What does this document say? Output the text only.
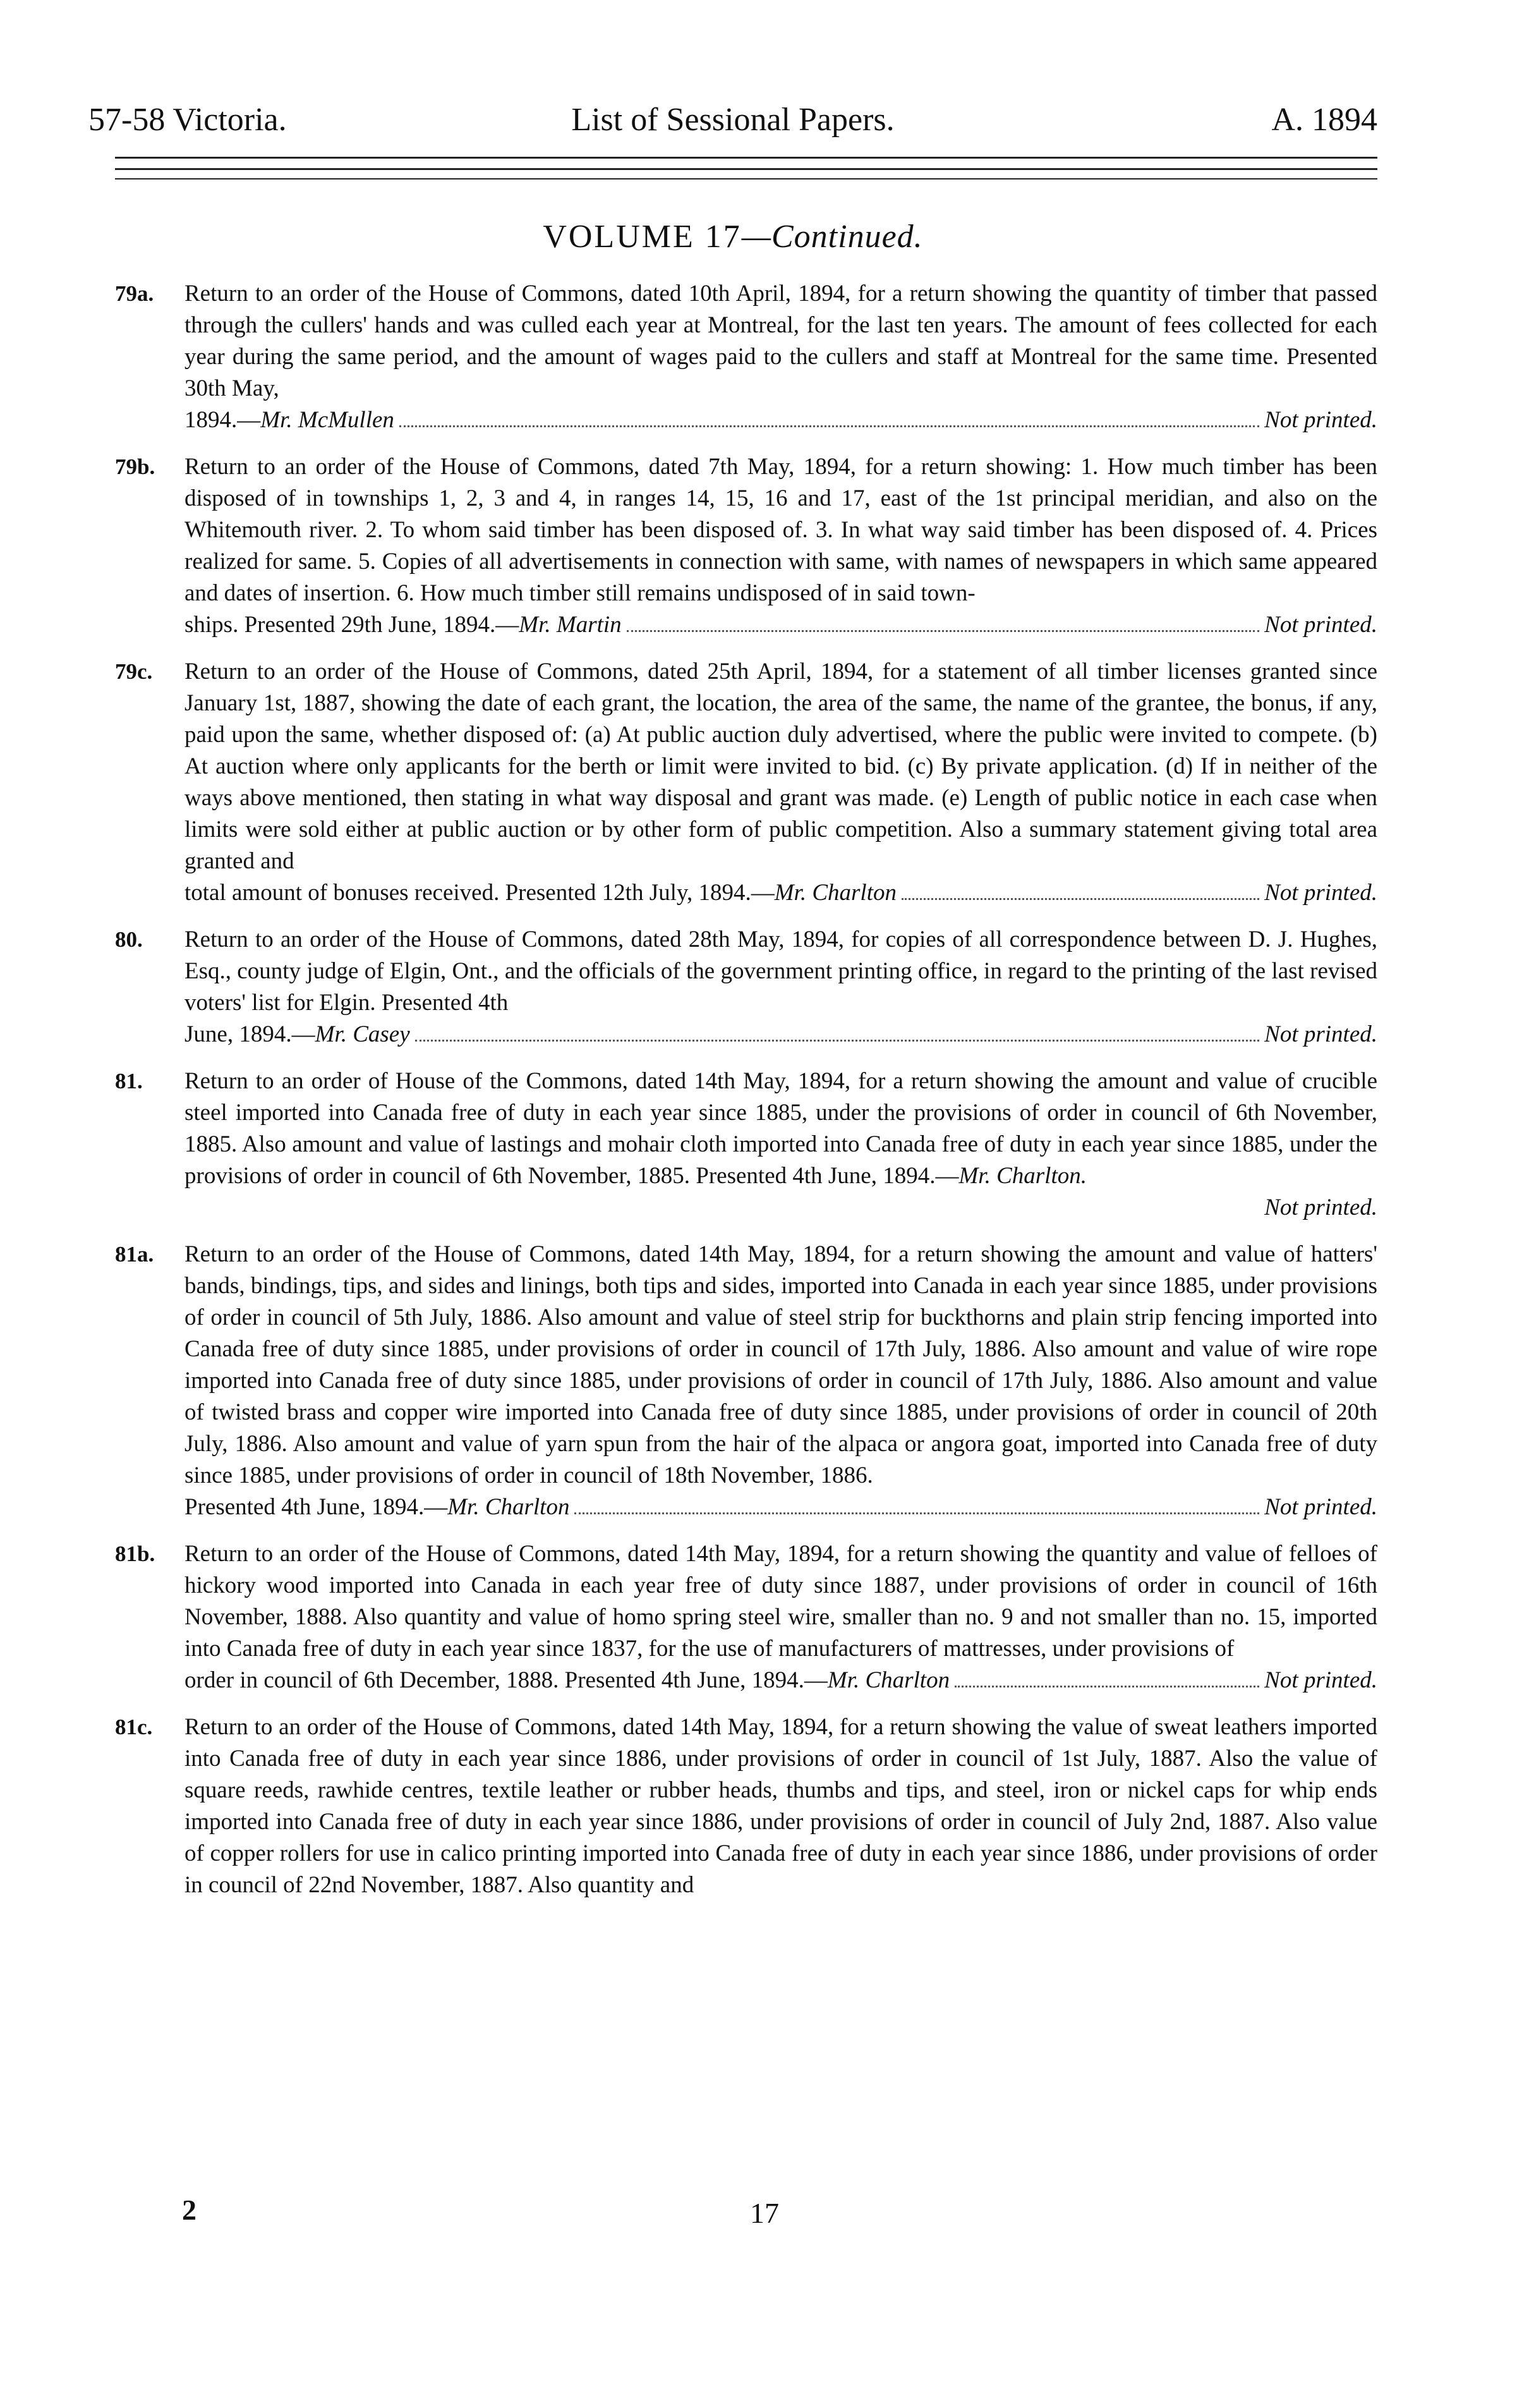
57-58 Victoria.	List of Sessional Papers.	A. 1894
VOLUME 17—Continued.
79a. Return to an order of the House of Commons, dated 10th April, 1894, for a return showing the quantity of timber that passed through the cullers' hands and was culled each year at Montreal, for the last ten years. The amount of fees collected for each year during the same period, and the amount of wages paid to the cullers and staff at Montreal for the same time. Presented 30th May,
1894.— Mr. McMullen	Not printed.
79b. Return to an order of the House of Commons, dated 7th May, 1894, for a return showing: 1. How much timber has been disposed of in townships 1, 2, 3 and 4, in ranges 14, 15, 16 and 17, east of the 1st principal meridian, and also on the Whitemouth river. 2. To whom said timber has been disposed of. 3. In what way said timber has been disposed of. 4. Prices realized for same. 5. Copies of all advertisements in connection with same, with names of newspapers in which same appeared and dates of insertion. 6. How much timber still remains undisposed of in said town-
ships. Presented 29th June, 1894.— Mr. Martin	Not printed.
79c. Return to an order of the House of Commons, dated 25th April, 1894, for a statement of all timber licenses granted since January 1st, 1887, showing the date of each grant, the location, the area of the same, the name of the grantee, the bonus, if any, paid upon the same, whether disposed of: (a) At public auction duly advertised, where the public were invited to compete. (b) At auction where only applicants for the berth or limit were invited to bid. (c) By private application. (d) If in neither of the ways above mentioned, then stating in what way disposal and grant was made. (e) Length of public notice in each case when limits were sold either at public auction or by other form of public competition. Also a summary statement giving total area granted and
total amount of bonuses received. Presented 12th July, 1894.— Mr. Charlton	Not printed.
80. Return to an order of the House of Commons, dated 28th May, 1894, for copies of all correspondence between D. J. Hughes, Esq., county judge of Elgin, Ont., and the officials of the government printing office, in regard to the printing of the last revised voters' list for Elgin. Presented 4th
June, 1894.— Mr. Casey	Not printed.
81. Return to an order of House of the Commons, dated 14th May, 1894, for a return showing the amount and value of crucible steel imported into Canada free of duty in each year since 1885, under the provisions of order in council of 6th November, 1885. Also amount and value of lastings and mohair cloth imported into Canada free of duty in each year since 1885, under the provisions of order in council of 6th November, 1885. Presented 4th June, 1894.—Mr. Charlton.
Not printed.
81a. Return to an order of the House of Commons, dated 14th May, 1894, for a return showing the amount and value of hatters' bands, bindings, tips, and sides and linings, both tips and sides, imported into Canada in each year since 1885, under provisions of order in council of 5th July, 1886. Also amount and value of steel strip for buckthorns and plain strip fencing imported into Canada free of duty since 1885, under provisions of order in council of 17th July, 1886. Also amount and value of wire rope imported into Canada free of duty since 1885, under provisions of order in council of 17th July, 1886. Also amount and value of twisted brass and copper wire imported into Canada free of duty since 1885, under provisions of order in council of 20th July, 1886. Also amount and value of yarn spun from the hair of the alpaca or angora goat, imported into Canada free of duty since 1885, under provisions of order in council of 18th November, 1886.
Presented 4th June, 1894.— Mr. Charlton	Not printed.
81b. Return to an order of the House of Commons, dated 14th May, 1894, for a return showing the quantity and value of felloes of hickory wood imported into Canada in each year free of duty since 1887, under provisions of order in council of 16th November, 1888. Also quantity and value of homo spring steel wire, smaller than no. 9 and not smaller than no. 15, imported into Canada free of duty in each year since 1837, for the use of manufacturers of mattresses, under provisions of
order in council of 6th December, 1888. Presented 4th June, 1894.— Mr. Charlton	Not printed.
81c. Return to an order of the House of Commons, dated 14th May, 1894, for a return showing the value of sweat leathers imported into Canada free of duty in each year since 1886, under provisions of order in council of 1st July, 1887. Also the value of square reeds, rawhide centres, textile leather or rubber heads, thumbs and tips, and steel, iron or nickel caps for whip ends imported into Canada free of duty in each year since 1886, under provisions of order in council of July 2nd, 1887. Also value of copper rollers for use in calico printing imported into Canada free of duty in each year since 1886, under provisions of order in council of 22nd November, 1887. Also quantity and
2	17
